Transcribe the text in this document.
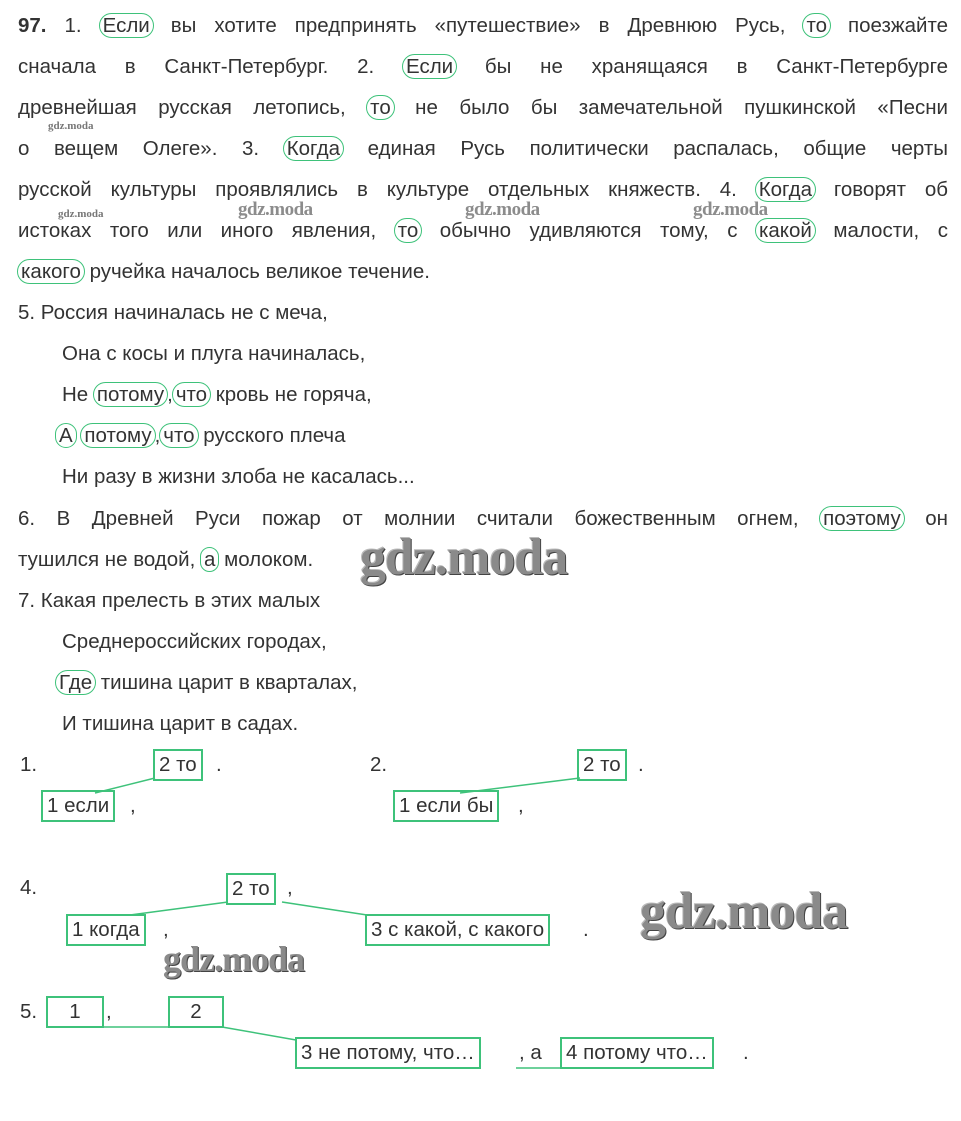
97. 1. Если вы хотите предпринять «путешествие» в Древнюю Русь, то поезжайте
сначала в Санкт-Петербург. 2. Если бы не хранящаяся в Санкт-Петербурге
древнейшая русская летопись, то не было бы замечательной пушкинской «Песни
о вещем Олеге». 3. Когда единая Русь политически распалась, общие черты
русской культуры проявлялись в культуре отдельных княжеств. 4. Когда говорят об
истоках того или иного явления, то обычно удивляются тому, с какой малости, с
какого ручейка началось великое течение.
5. Россия начиналась не с меча,
Она с косы и плуга начиналась,
Не потому , что кровь не горяча,
А потому , что русского плеча
Ни разу в жизни злоба не касалась...
6. В Древней Руси пожар от молнии считали божественным огнем, поэтому он
тушился не водой, а молоком.
7. Какая прелесть в этих малых
Среднероссийских городах,
Где тишина царит в кварталах,
И тишина царит в садах.
gdz.moda
gdz.moda	gdz.moda	gdz.moda	gdz.moda
gdz.moda
gdz.moda
gdz.moda
1.	2 то .
1 если ,
2.	2 то .
1 если бы ,
4.	2 то ,
1 когда ,	3 с какой, с какого .
5.	1	,	2
3 не потому, что… , а 4 потому что… .
